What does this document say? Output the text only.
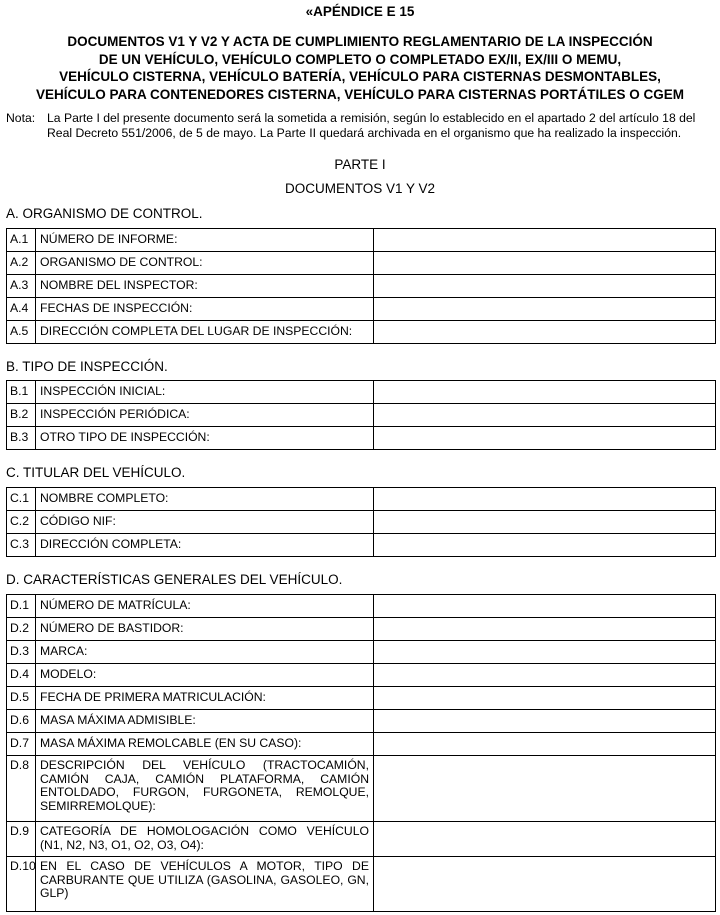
«APÉNDICE E 15
DOCUMENTOS V1 Y V2 Y ACTA DE CUMPLIMIENTO REGLAMENTARIO DE LA INSPECCIÓN
DE UN VEHÍCULO, VEHÍCULO COMPLETO O COMPLETADO EX/II, EX/III O MEMU,
VEHÍCULO CISTERNA, VEHÍCULO BATERÍA, VEHÍCULO PARA CISTERNAS DESMONTABLES,
VEHÍCULO PARA CONTENEDORES CISTERNA, VEHÍCULO PARA CISTERNAS PORTÁTILES O CGEM
Nota: La Parte I del presente documento será la sometida a remisión, según lo establecido en el apartado 2 del artículo 18 del
Real Decreto 551/2006, de 5 de mayo. La Parte II quedará archivada en el organismo que ha realizado la inspección.
PARTE I
DOCUMENTOS V1 Y V2
A. ORGANISMO DE CONTROL.
A.1	NÚMERO DE INFORME:	
A.2	ORGANISMO DE CONTROL:	
A.3	NOMBRE DEL INSPECTOR:	
A.4	FECHAS DE INSPECCIÓN:	
A.5	DIRECCIÓN COMPLETA DEL LUGAR DE INSPECCIÓN:	
B. TIPO DE INSPECCIÓN.
B.1	INSPECCIÓN INICIAL:	
B.2	INSPECCIÓN PERIÓDICA:	
B.3	OTRO TIPO DE INSPECCIÓN:	
C. TITULAR DEL VEHÍCULO.
C.1	NOMBRE COMPLETO:	
C.2	CÓDIGO NIF:	
C.3	DIRECCIÓN COMPLETA:	
D. CARACTERÍSTICAS GENERALES DEL VEHÍCULO.
D.1	NÚMERO DE MATRÍCULA:	
D.2	NÚMERO DE BASTIDOR:	
D.3	MARCA:	
D.4	MODELO:	
D.5	FECHA DE PRIMERA MATRICULACIÓN:	
D.6	MASA MÁXIMA ADMISIBLE:	
D.7	MASA MÁXIMA REMOLCABLE (EN SU CASO):	
D.8	DESCRIPCIÓN DEL VEHÍCULO (TRACTOCAMIÓN, CAMIÓN CAJA, CAMIÓN PLATAFORMA, CAMIÓN ENTOLDADO, FURGON, FURGONETA, REMOLQUE, SEMIRREMOLQUE):	
D.9	CATEGORÍA DE HOMOLOGACIÓN COMO VEHÍCULO (N1, N2, N3, O1, O2, O3, O4):	
D.10	EN EL CASO DE VEHÍCULOS A MOTOR, TIPO DE CARBURANTE QUE UTILIZA (GASOLINA, GASOLEO, GN, GLP)	
